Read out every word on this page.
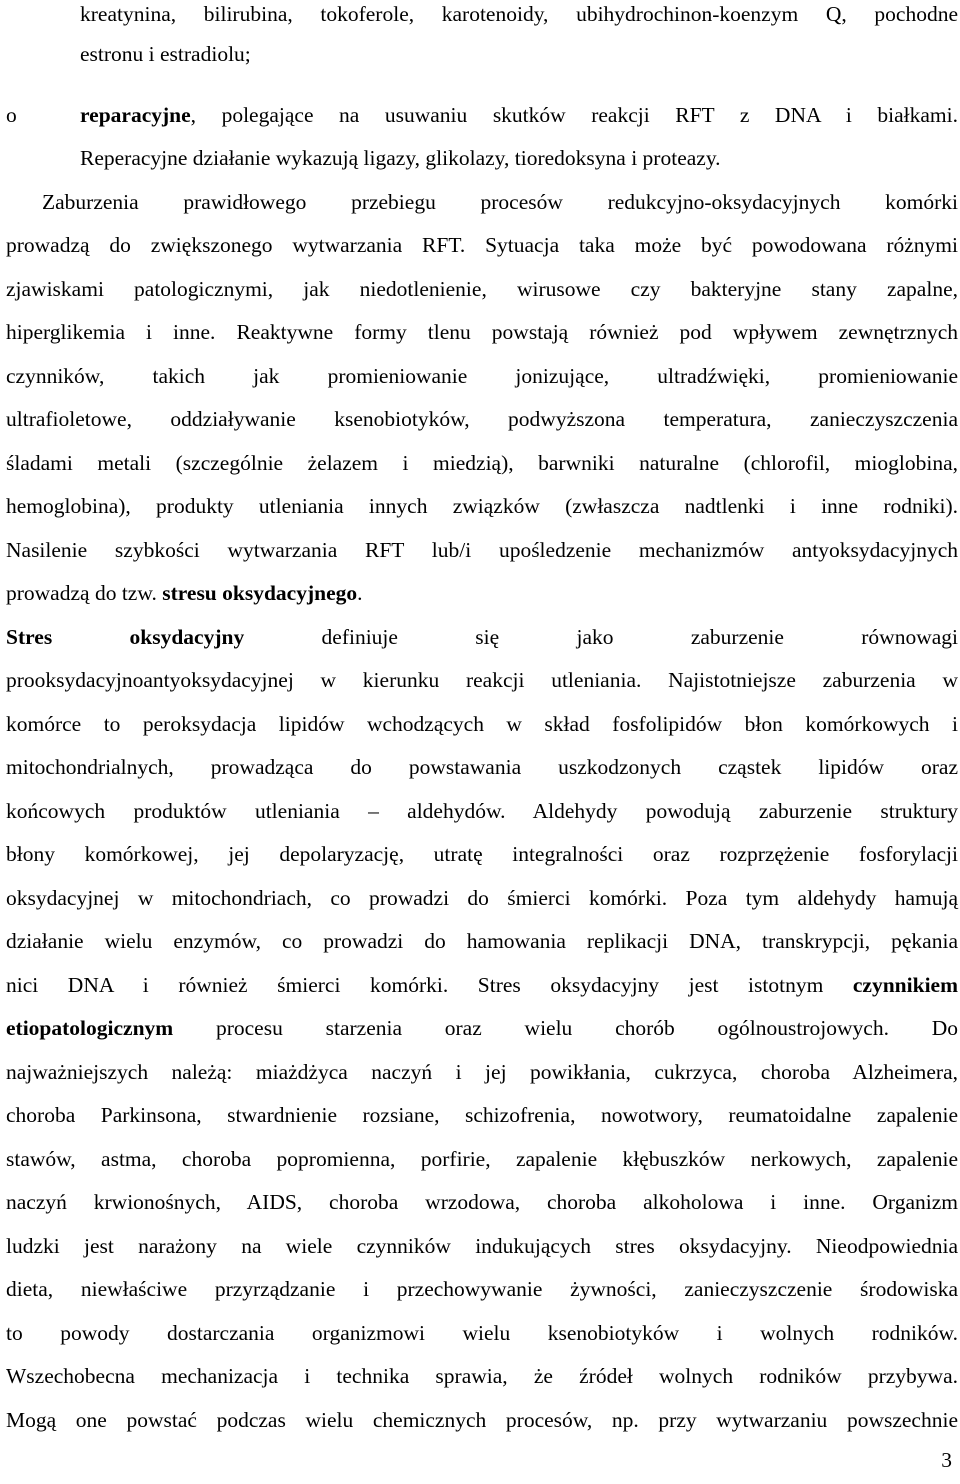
o
kreatynina, bilirubina, tokoferole, karotenoidy, ubihydrochinon-koenzym Q, pochodne
estronu i estradiolu;
reparacyjne, polegające na usuwaniu skutków reakcji RFT z DNA i białkami.
Reperacyjne działanie wykazują ligazy, glikolazy, tioredoksyna i proteazy.
Zaburzenia prawidłowego przebiegu procesów redukcyjno-oksydacyjnych komórki
prowadzą do zwiększonego wytwarzania RFT. Sytuacja taka może być powodowana różnymi
zjawiskami patologicznymi, jak niedotlenienie, wirusowe czy bakteryjne stany zapalne,
hiperglikemia i inne. Reaktywne formy tlenu powstają również pod wpływem zewnętrznych
czynników, takich jak promieniowanie jonizujące, ultradźwięki, promieniowanie
ultrafioletowe, oddziaływanie ksenobiotyków, podwyższona temperatura, zanieczyszczenia
śladami metali (szczególnie żelazem i miedzią), barwniki naturalne (chlorofil, mioglobina,
hemoglobina), produkty utleniania innych związków (zwłaszcza nadtlenki i inne rodniki).
Nasilenie szybkości wytwarzania RFT lub/i upośledzenie mechanizmów antyoksydacyjnych
prowadzą do tzw. stresu oksydacyjnego.
Stres oksydacyjny definiuje się jako zaburzenie równowagi
prooksydacyjnoantyoksydacyjnej w kierunku reakcji utleniania. Najistotniejsze zaburzenia w
komórce to peroksydacja lipidów wchodzących w skład fosfolipidów błon komórkowych i
mitochondrialnych, prowadząca do powstawania uszkodzonych cząstek lipidów oraz
końcowych produktów utleniania – aldehydów. Aldehydy powodują zaburzenie struktury
błony komórkowej, jej depolaryzację, utratę integralności oraz rozprzężenie fosforylacji
oksydacyjnej w mitochondriach, co prowadzi do śmierci komórki. Poza tym aldehydy hamują
działanie wielu enzymów, co prowadzi do hamowania replikacji DNA, transkrypcji, pękania
nici DNA i również śmierci komórki. Stres oksydacyjny jest istotnym czynnikiem
etiopatologicznym procesu starzenia oraz wielu chorób ogólnoustrojowych. Do
najważniejszych należą: miażdżyca naczyń i jej powikłania, cukrzyca, choroba Alzheimera,
choroba Parkinsona, stwardnienie rozsiane, schizofrenia, nowotwory, reumatoidalne zapalenie
stawów, astma, choroba popromienna, porfirie, zapalenie kłębuszków nerkowych, zapalenie
naczyń krwionośnych, AIDS, choroba wrzodowa, choroba alkoholowa i inne. Organizm
ludzki jest narażony na wiele czynników indukujących stres oksydacyjny. Nieodpowiednia
dieta, niewłaściwe przyrządzanie i przechowywanie żywności, zanieczyszczenie środowiska
to powody dostarczania organizmowi wielu ksenobiotyków i wolnych rodników.
Wszechobecna mechanizacja i technika sprawia, że źródeł wolnych rodników przybywa.
Mogą one powstać podczas wielu chemicznych procesów, np. przy wytwarzaniu powszechnie
3
